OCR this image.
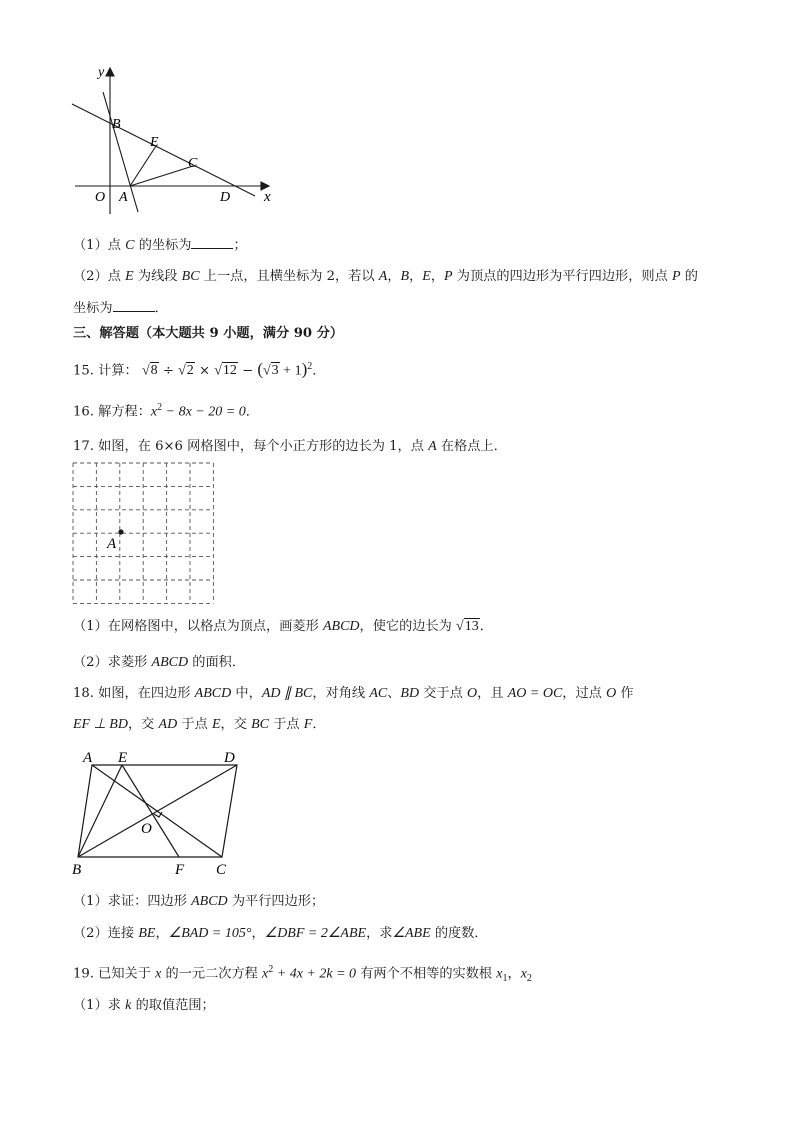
y
x
O A
B
E
C
D
（1）点 C 的坐标为	；
（2）点 E 为线段 BC 上一点，且横坐标为 2，若以 A，B，E，P 为顶点的四边形为平行四边形，则点 P 的
坐标为	．
三、解答题（本大题共 9 小题，满分 90 分）
15. 计算： $√8 \div √2 \times √12 - (√3 + 1)^2$．
16. 解方程：$x^2 - 8x - 20 = 0$．
17. 如图，在 6×6 网格图中，每个小正方形的边长为 1，点 A 在格点上．
A
（1）在网格图中，以格点为顶点，画菱形 ABCD，使它的边长为 √13．
（2）求菱形 ABCD 的面积．
18. 如图，在四边形 ABCD 中，AD ∥ BC，对角线 AC、BD 交于点 O，且 AO = OC，过点 O 作
EF ⊥ BD，交 AD 于点 E，交 BC 于点 F．
A E	D
O
B	F C
（1）求证：四边形 ABCD 为平行四边形；
（2）连接 BE，∠BAD = 105°，∠DBF = 2∠ABE，求∠ABE 的度数．
19. 已知关于 x 的一元二次方程 $x^2 + 4x + 2k = 0$ 有两个不相等的实数根 $x_1$，$x_2$
（1）求 k 的取值范围；
